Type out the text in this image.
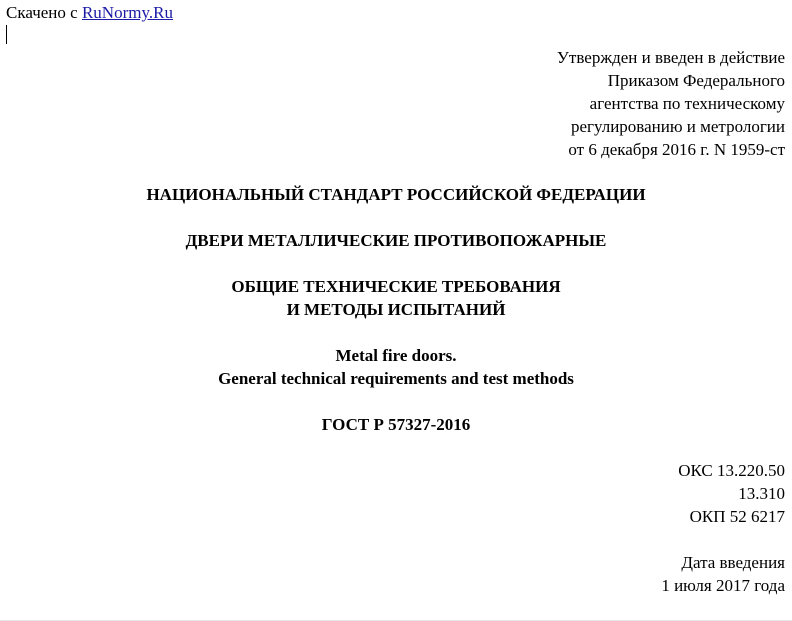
Скачено с RuNormy.Ru
Утвержден и введен в действие
Приказом Федерального
агентства по техническому
регулированию и метрологии
от 6 декабря 2016 г. N 1959-ст
НАЦИОНАЛЬНЫЙ СТАНДАРТ РОССИЙСКОЙ ФЕДЕРАЦИИ
ДВЕРИ МЕТАЛЛИЧЕСКИЕ ПРОТИВОПОЖАРНЫЕ
ОБЩИЕ ТЕХНИЧЕСКИЕ ТРЕБОВАНИЯ
И МЕТОДЫ ИСПЫТАНИЙ
Metal fire doors.
General technical requirements and test methods
ГОСТ Р 57327-2016
ОКС 13.220.50
13.310
ОКП 52 6217
Дата введения
1 июля 2017 года
